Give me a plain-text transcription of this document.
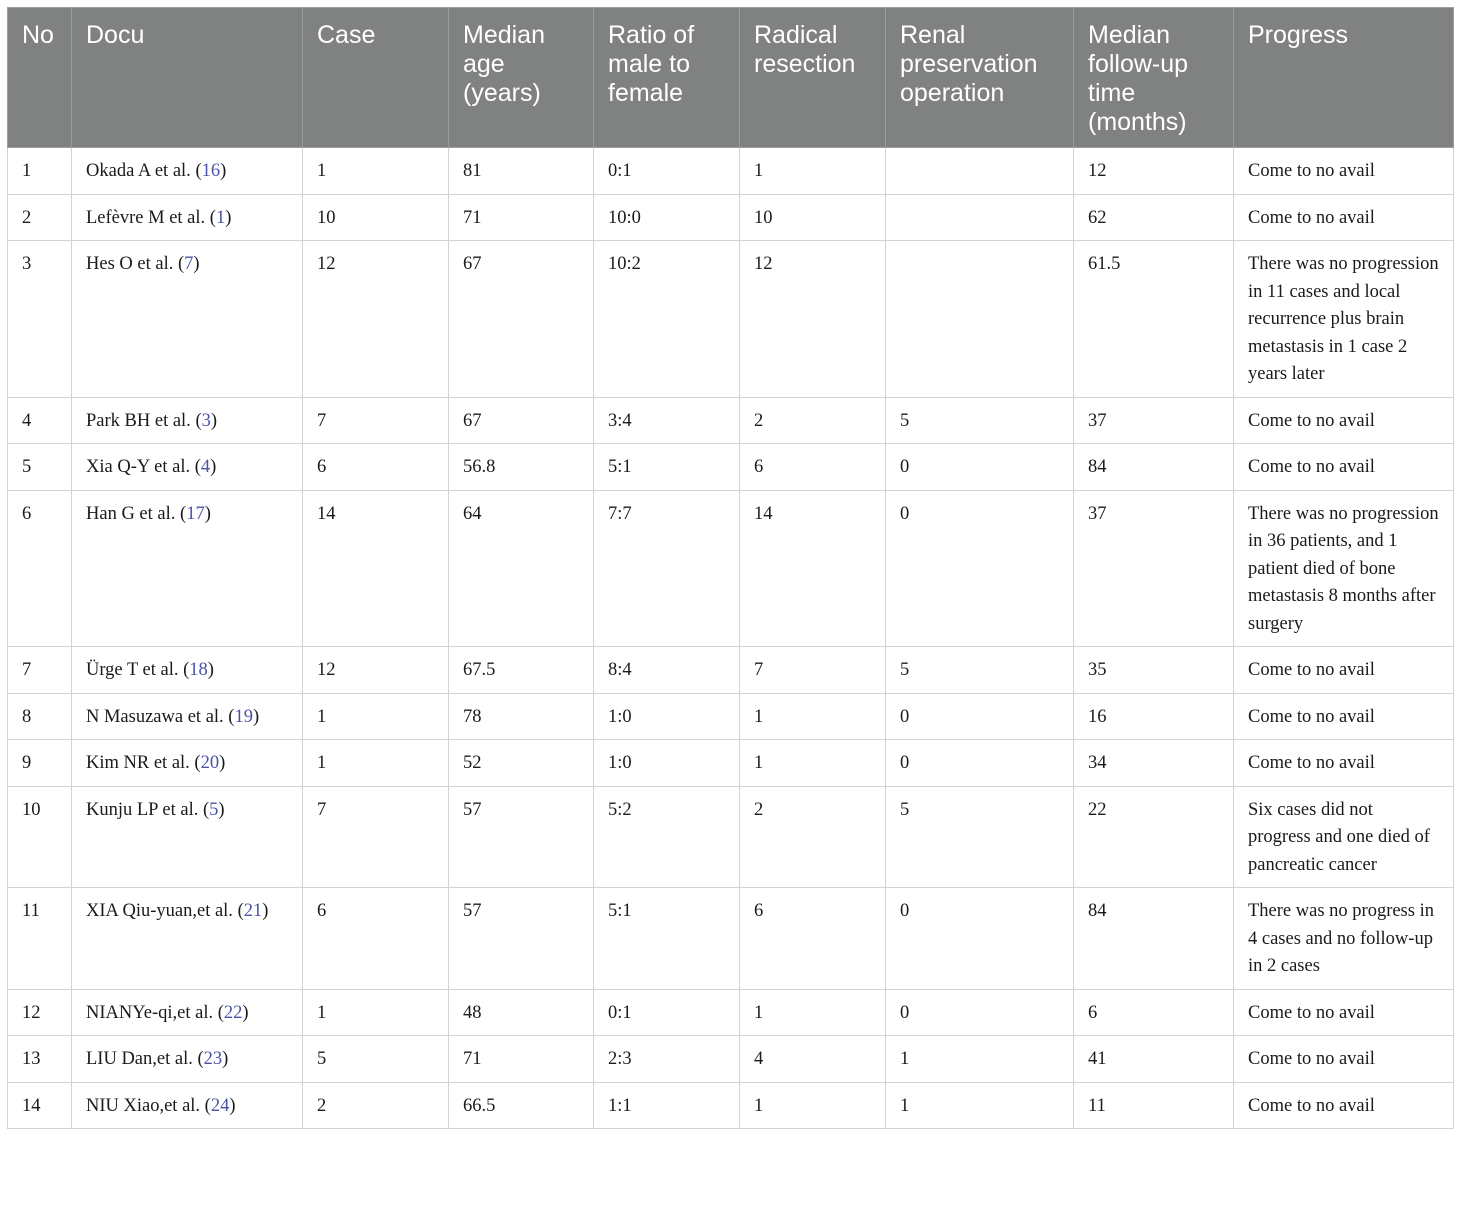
No	Docu	Case	Median age (years)	Ratio of male to female	Radical resection	Renal preservation operation	Median follow-up time (months)	Progress
1	Okada A et al. (16)	1	81	0:1	1		12	Come to no avail
2	Lefèvre M et al. (1)	10	71	10:0	10		62	Come to no avail
3	Hes O et al. (7)	12	67	10:2	12		61.5	There was no progression in 11 cases and local recurrence plus brain metastasis in 1 case 2 years later
4	Park BH et al. (3)	7	67	3:4	2	5	37	Come to no avail
5	Xia Q-Y et al. (4)	6	56.8	5:1	6	0	84	Come to no avail
6	Han G et al. (17)	14	64	7:7	14	0	37	There was no progression in 36 patients, and 1 patient died of bone metastasis 8 months after surgery
7	Ürge T et al. (18)	12	67.5	8:4	7	5	35	Come to no avail
8	N Masuzawa et al. (19)	1	78	1:0	1	0	16	Come to no avail
9	Kim NR et al. (20)	1	52	1:0	1	0	34	Come to no avail
10	Kunju LP et al. (5)	7	57	5:2	2	5	22	Six cases did not progress and one died of pancreatic cancer
11	XIA Qiu-yuan,et al. (21)	6	57	5:1	6	0	84	There was no progress in 4 cases and no follow-up in 2 cases
12	NIANYe-qi,et al. (22)	1	48	0:1	1	0	6	Come to no avail
13	LIU Dan,et al. (23)	5	71	2:3	4	1	41	Come to no avail
14	NIU Xiao,et al. (24)	2	66.5	1:1	1	1	11	Come to no avail
